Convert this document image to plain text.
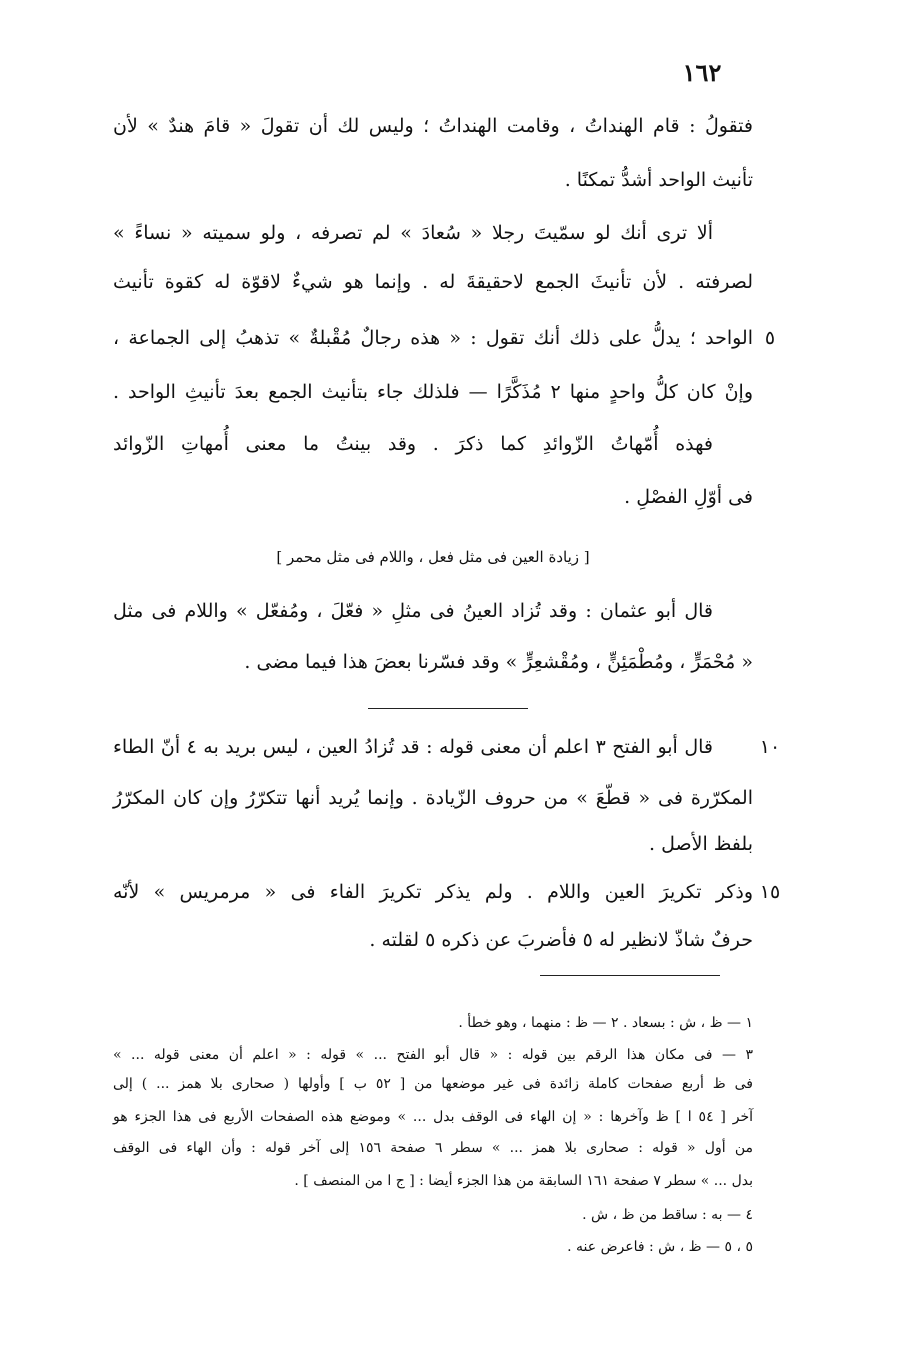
١٦٢
فتقولُ : قام الهنداتُ ، وقامت الهنداتُ ؛ وليس لك أن تقولَ « قامَ هندٌ » لأن
تأنيث الواحد أشدُّ تمكنًا .
ألا ترى أنك لو سمّيتَ رجلا « سُعادَ » لم تصرفه ، ولو سميته « نساءً »
لصرفته . لأن تأنيثَ الجمع لاحقيقةَ له . وإنما هو شيءٌ لاقوّة له كقوة تأنيث
الواحد ؛ يدلُّ على ذلك أنك تقول : « هذه رجالٌ مُقْبلةٌ » تذهبُ إلى الجماعة ، ٥
وإنْ كان كلُّ واحدٍ منها ٢ مُذَكَّرًا — فلذلك جاء بتأنيث الجمع بعدَ تأنيثِ الواحد .
فهذه أُمّهاتُ الزّوائدِ كما ذكرَ . وقد بينتُ ما معنى أُمهاتِ الزّوائد
فى أوّلِ الفصْلِ .
[ زيادة العين فى مثل فعل ، واللام فى مثل محمر ]
قال أبو عثمان : وقد تُزاد العينُ فى مثلِ « فعّلَ ، ومُفعّل » واللام فى مثل
« مُحْمَرٍّ ، ومُطْمَئِنٍّ ، ومُقْشعِرٍّ » وقد فسّرنا بعضَ هذا فيما مضى .
قال أبو الفتح ٣ اعلم أن معنى قوله : قد تُزادُ العين ، ليس بريد به ٤ أنّ الطاء	١٠
المكرّرة فى « قطّعَ » من حروف الزّيادة . وإنما يُريد أنها تتكرّرُ وإن كان المكرّرُ
بلفظ الأصل .
وذكر تكريرَ العين واللام . ولم يذكر تكريرَ الفاء فى « مرمريس » لأنّه ١٥
حرفٌ شاذّ لانظير له ٥ فأضربَ عن ذكره ٥ لقلته .
١ — ظ ، ش : بسعاد . ٢ — ظ : منهما ، وهو خطأ .
٣ — فى مكان هذا الرقم بين قوله : « قال أبو الفتح ... » قوله : « اعلم أن معنى قوله ... »
فى ظ أربع صفحات كاملة زائدة فى غير موضعها من [ ٥٢ ب ] وأولها ( صحارى بلا همز ... ) إلى
آخر [ ٥٤ ا ] ظ وآخرها : « إن الهاء فى الوقف بدل ... » وموضع هذه الصفحات الأربع فى هذا الجزء هو
من أول « قوله : صحارى بلا همز ... » سطر ٦ صفحة ١٥٦ إلى آخر قوله : وأن الهاء فى الوقف
بدل ... » سطر ٧ صفحة ١٦١ السابقة من هذا الجزء أيضا : [ ج ا من المنصف ] .
٤ — به : ساقط من ظ ، ش .
٥ ، ٥ — ظ ، ش : فاعرض عنه .
